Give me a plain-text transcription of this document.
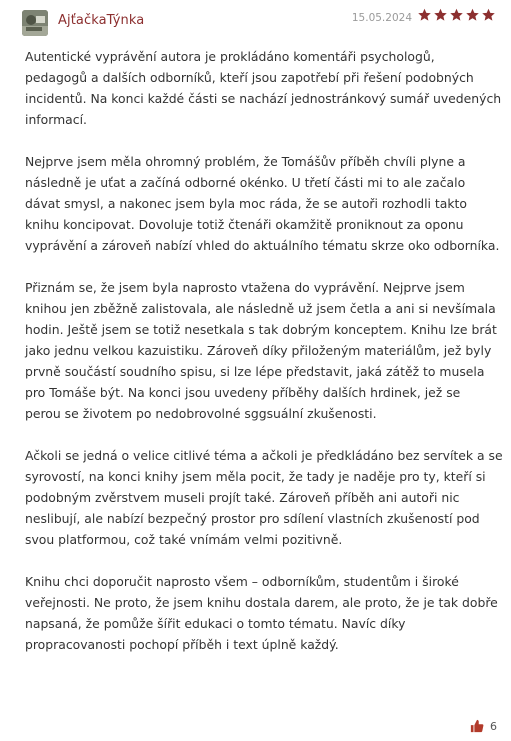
AjťačkaTýnka	15.05.2024

Autentické vyprávění autora je prokládáno komentáři psychologů,
pedagogů a dalších odborníků, kteří jsou zapotřebí při řešení podobných
incidentů. Na konci každé části se nachází jednostránkový sumář uvedených
informací.

Nejprve jsem měla ohromný problém, že Tomášův příběh chvíli plyne a
následně je uťat a začíná odborné okénko. U třetí části mi to ale začalo
dávat smysl, a nakonec jsem byla moc ráda, že se autoři rozhodli takto
knihu koncipovat. Dovoluje totiž čtenáři okamžitě proniknout za oponu
vyprávění a zároveň nabízí vhled do aktuálního tématu skrze oko odborníka.

Přiznám se, že jsem byla naprosto vtažena do vyprávění. Nejprve jsem
knihou jen zběžně zalistovala, ale následně už jsem četla a ani si nevšímala
hodin. Ještě jsem se totiž nesetkala s tak dobrým konceptem. Knihu lze brát
jako jednu velkou kazuistiku. Zároveň díky přiloženým materiálům, jež byly
prvně součástí soudního spisu, si lze lépe představit, jaká zátěž to musela
pro Tomáše být. Na konci jsou uvedeny příběhy dalších hrdinek, jež se
perou se životem po nedobrovolné sggsuální zkušenosti.

Ačkoli se jedná o velice citlivé téma a ačkoli je předkládáno bez servítek a se
syrovostí, na konci knihy jsem měla pocit, že tady je naděje pro ty, kteří si
podobným zvěrstvem museli projít také. Zároveň příběh ani autoři nic
neslibují, ale nabízí bezpečný prostor pro sdílení vlastních zkušeností pod
svou platformou, což také vnímám velmi pozitivně.

Knihu chci doporučit naprosto všem – odborníkům, studentům i široké
veřejnosti. Ne proto, že jsem knihu dostala darem, ale proto, že je tak dobře
napsaná, že pomůže šířit edukaci o tomto tématu. Navíc díky
propracovanosti pochopí příběh i text úplně každý.

6
